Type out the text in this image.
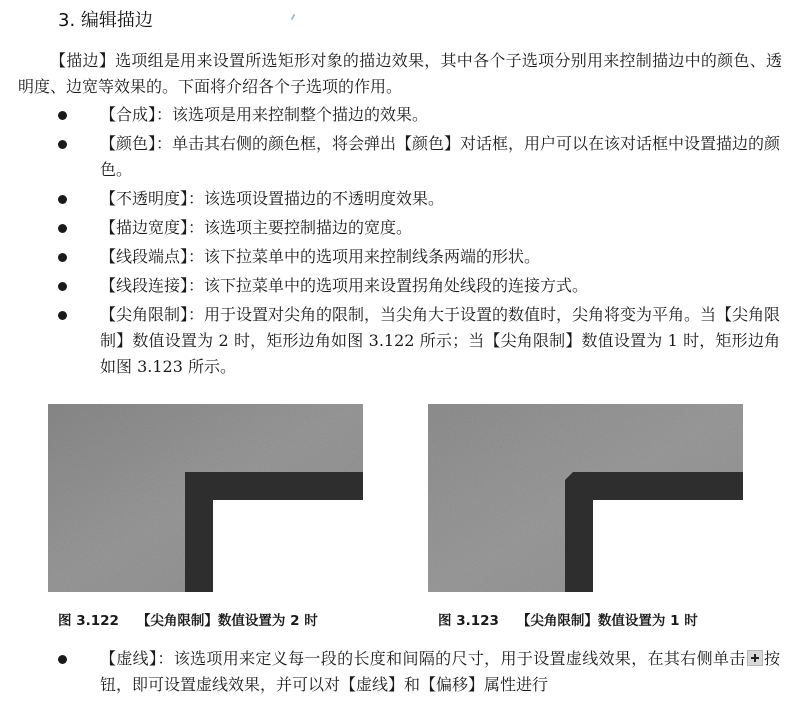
3. 编辑描边
【描边】选项组是用来设置所选矩形对象的描边效果，其中各个子选项分别用来控制描边中的颜色、透明度、边宽等效果的。下面将介绍各个子选项的作用。
【合成】：该选项是用来控制整个描边的效果。
【颜色】：单击其右侧的颜色框，将会弹出【颜色】对话框，用户可以在该对话框中设置描边的颜色。
【不透明度】：该选项设置描边的不透明度效果。
【描边宽度】：该选项主要控制描边的宽度。
【线段端点】：该下拉菜单中的选项用来控制线条两端的形状。
【线段连接】：该下拉菜单中的选项用来设置拐角处线段的连接方式。
【尖角限制】：用于设置对尖角的限制，当尖角大于设置的数值时，尖角将变为平角。当【尖角限制】数值设置为 2 时，矩形边角如图 3.122 所示；当【尖角限制】数值设置为 1 时，矩形边角如图 3.123 所示。
图 3.122 【尖角限制】数值设置为 2 时	图 3.123 【尖角限制】数值设置为 1 时
【虚线】：该选项用来定义每一段的长度和间隔的尺寸，用于设置虚线效果，在其右侧单击 按钮，即可设置虚线效果，并可以对【虚线】和【偏移】属性进行
